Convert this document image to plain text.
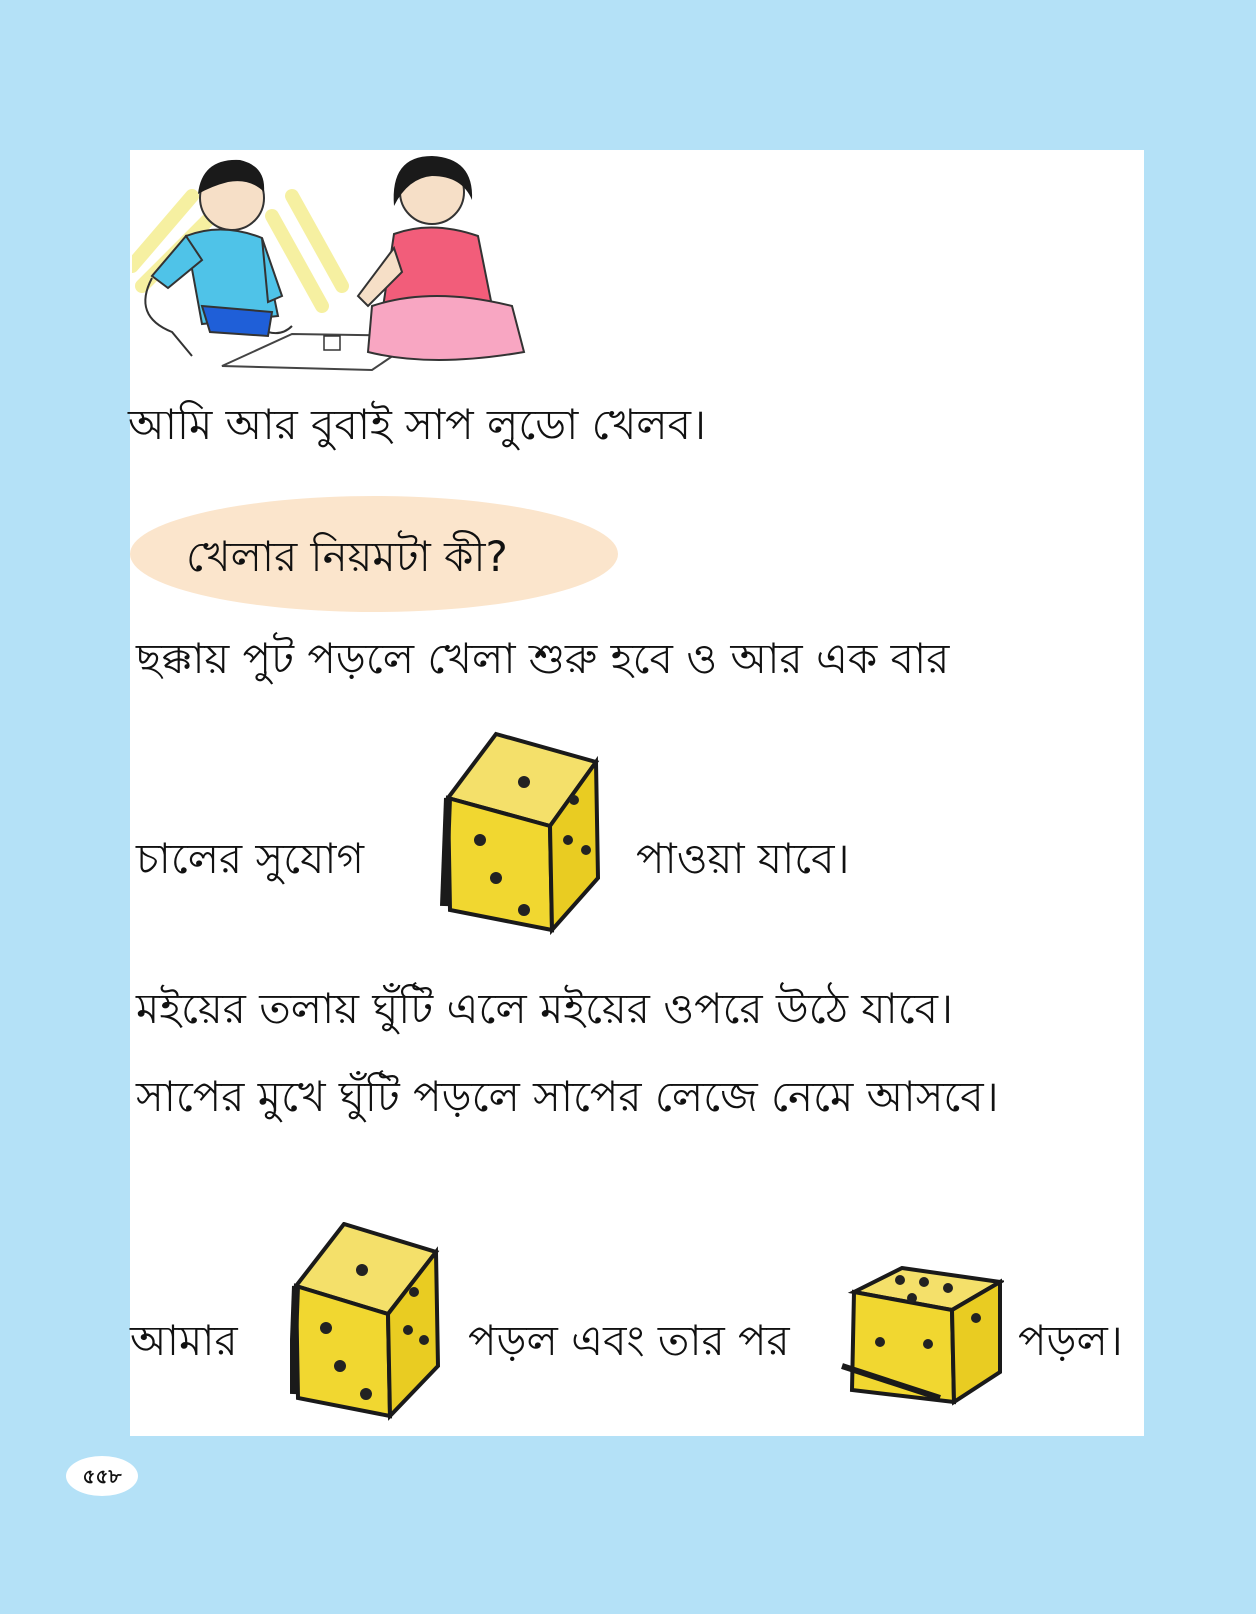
আমি আর বুবাই সাপ লুডো খেলব।
খেলার নিয়মটা কী?
ছক্কায় পুট পড়লে খেলা শুরু হবে ও আর এক বার
চালের সুযোগ	পাওয়া যাবে।
মইয়ের তলায় ঘুঁটি এলে মইয়ের ওপরে উঠে যাবে।
সাপের মুখে ঘুঁটি পড়লে সাপের লেজে নেমে আসবে।
আমার	পড়ল এবং তার পর	পড়ল।
৫৫৮
